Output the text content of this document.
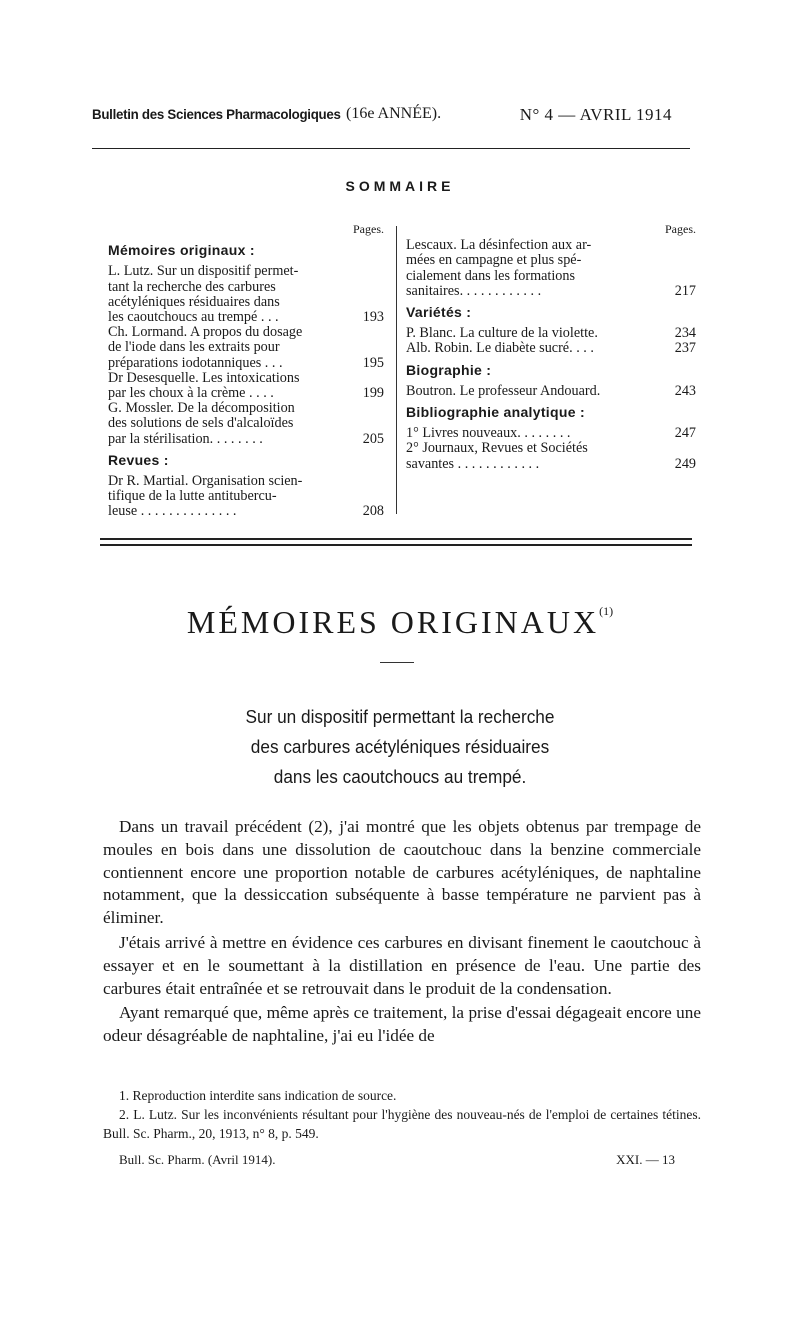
Bulletin des Sciences Pharmacologiques (16e ANNÉE).	N° 4 — AVRIL 1914
SOMMAIRE
Pages.
Mémoires originaux :
L. Lutz. Sur un dispositif permet-
tant la recherche des carbures
acétyléniques résiduaires dans
les caoutchoucs au trempé . . .	193
Ch. Lormand. A propos du dosage
de l'iode dans les extraits pour
préparations iodotanniques . . .	195
Dr Desesquelle. Les intoxications
par les choux à la crème . . . .	199
G. Mossler. De la décomposition
des solutions de sels d'alcaloïdes
par la stérilisation. . . . . . . .	205
Revues :
Dr R. Martial. Organisation scien-
tifique de la lutte antitubercu-
leuse . . . . . . . . . . . . . .	208
Pages.
Lescaux. La désinfection aux ar-
mées en campagne et plus spé-
cialement dans les formations
sanitaires. . . . . . . . . . . .	217
Variétés :
P. Blanc. La culture de la violette.	234
Alb. Robin. Le diabète sucré. . . .	237
Biographie :
Boutron. Le professeur Andouard.	243
Bibliographie analytique :
1° Livres nouveaux. . . . . . . .	247
2° Journaux, Revues et Sociétés
savantes . . . . . . . . . . . .	249
MÉMOIRES ORIGINAUX$^{(1)}$
Sur un dispositif permettant la recherche
des carbures acétyléniques résiduaires
dans les caoutchoucs au trempé.

Dans un travail précédent (2), j'ai montré que les objets obtenus par trempage de moules en bois dans une dissolution de caoutchouc dans la benzine commerciale contiennent encore une proportion notable de carbures acétyléniques, de naphtaline notamment, que la dessiccation subséquente à basse température ne parvient pas à éliminer.

J'étais arrivé à mettre en évidence ces carbures en divisant finement le caoutchouc à essayer et en le soumettant à la distillation en présence de l'eau. Une partie des carbures était entraînée et se retrouvait dans le produit de la condensation.

Ayant remarqué que, même après ce traitement, la prise d'essai dégageait encore une odeur désagréable de naphtaline, j'ai eu l'idée de

1. Reproduction interdite sans indication de source.

2. L. Lutz. Sur les inconvénients résultant pour l'hygiène des nouveau-nés de l'emploi de certaines tétines. Bull. Sc. Pharm., 20, 1913, n° 8, p. 549.

Bull. Sc. Pharm. (Avril 1914).	XXI. — 13
